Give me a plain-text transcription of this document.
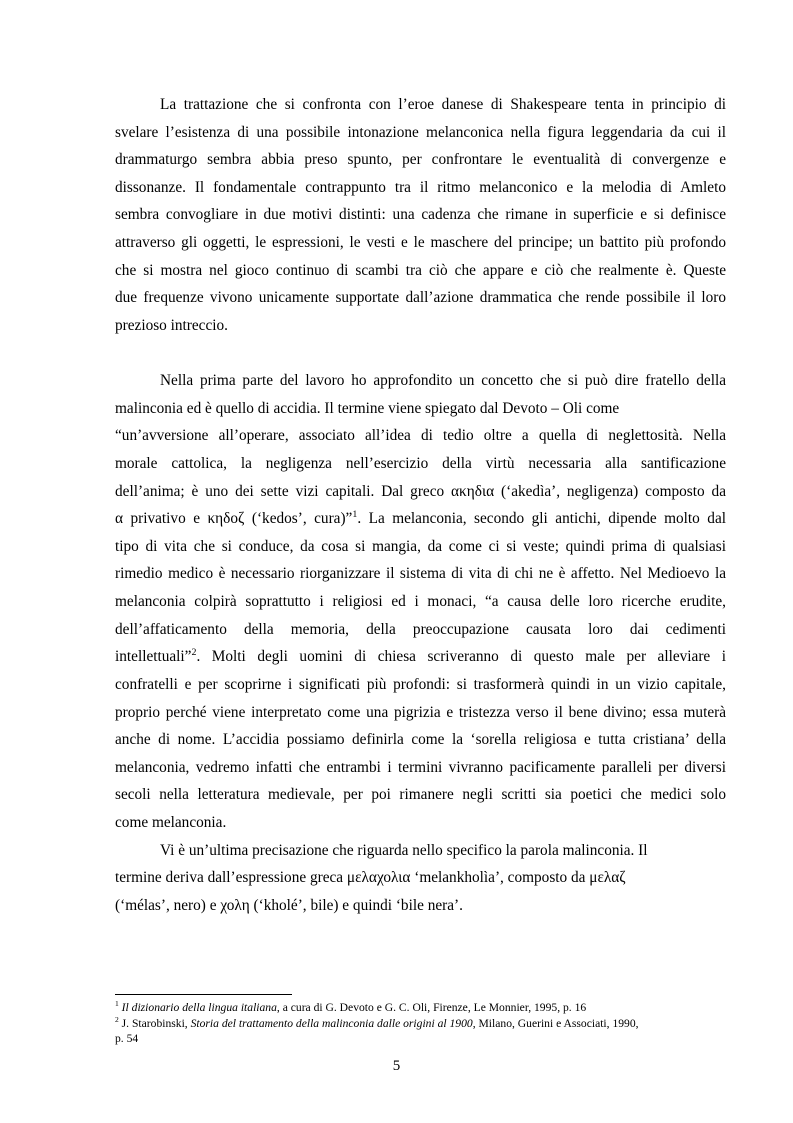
La trattazione che si confronta con l’eroe danese di Shakespeare tenta in principio di
svelare l’esistenza di una possibile intonazione melanconica nella figura leggendaria da cui il
drammaturgo sembra abbia preso spunto, per confrontare le eventualità di convergenze e
dissonanze. Il fondamentale contrappunto tra il ritmo melanconico e la melodia di Amleto
sembra convogliare in due motivi distinti: una cadenza che rimane in superficie e si definisce
attraverso gli oggetti, le espressioni, le vesti e le maschere del principe; un battito più profondo
che si mostra nel gioco continuo di scambi tra ciò che appare e ciò che realmente è. Queste
due frequenze vivono unicamente supportate dall’azione drammatica che rende possibile il loro
prezioso intreccio.
Nella prima parte del lavoro ho approfondito un concetto che si può dire fratello della
malinconia ed è quello di accidia. Il termine viene spiegato dal Devoto – Oli come
“un’avversione all’operare, associato all’idea di tedio oltre a quella di neglettosità. Nella
morale cattolica, la negligenza nell’esercizio della virtù necessaria alla santificazione
dell’anima; è uno dei sette vizi capitali. Dal greco ακηδια (‘akedìa’, negligenza) composto da
α privativo e κηδοζ (‘kedos’, cura)”$^1$. La melanconia, secondo gli antichi, dipende molto dal
tipo di vita che si conduce, da cosa si mangia, da come ci si veste; quindi prima di qualsiasi
rimedio medico è necessario riorganizzare il sistema di vita di chi ne è affetto. Nel Medioevo la
melanconia colpirà soprattutto i religiosi ed i monaci, “a causa delle loro ricerche erudite,
dell’affaticamento della memoria, della preoccupazione causata loro dai cedimenti
intellettuali”$^2$. Molti degli uomini di chiesa scriveranno di questo male per alleviare i
confratelli e per scoprirne i significati più profondi: si trasformerà quindi in un vizio capitale,
proprio perché viene interpretato come una pigrizia e tristezza verso il bene divino; essa muterà
anche di nome. L’accidia possiamo definirla come la ‘sorella religiosa e tutta cristiana’ della
melanconia, vedremo infatti che entrambi i termini vivranno pacificamente paralleli per diversi
secoli nella letteratura medievale, per poi rimanere negli scritti sia poetici che medici solo
come melanconia.
Vi è un’ultima precisazione che riguarda nello specifico la parola malinconia. Il
termine deriva dall’espressione greca μελαχολια ‘melankholìa’, composto da μελαζ
(‘mélas’, nero) e χολη (‘kholé’, bile) e quindi ‘bile nera’.
$^1$ Il dizionario della lingua italiana, a cura di G. Devoto e G. C. Oli, Firenze, Le Monnier, 1995, p. 16
$^2$ J. Starobinski, Storia del trattamento della malinconia dalle origini al 1900, Milano, Guerini e Associati, 1990,
p. 54
5
